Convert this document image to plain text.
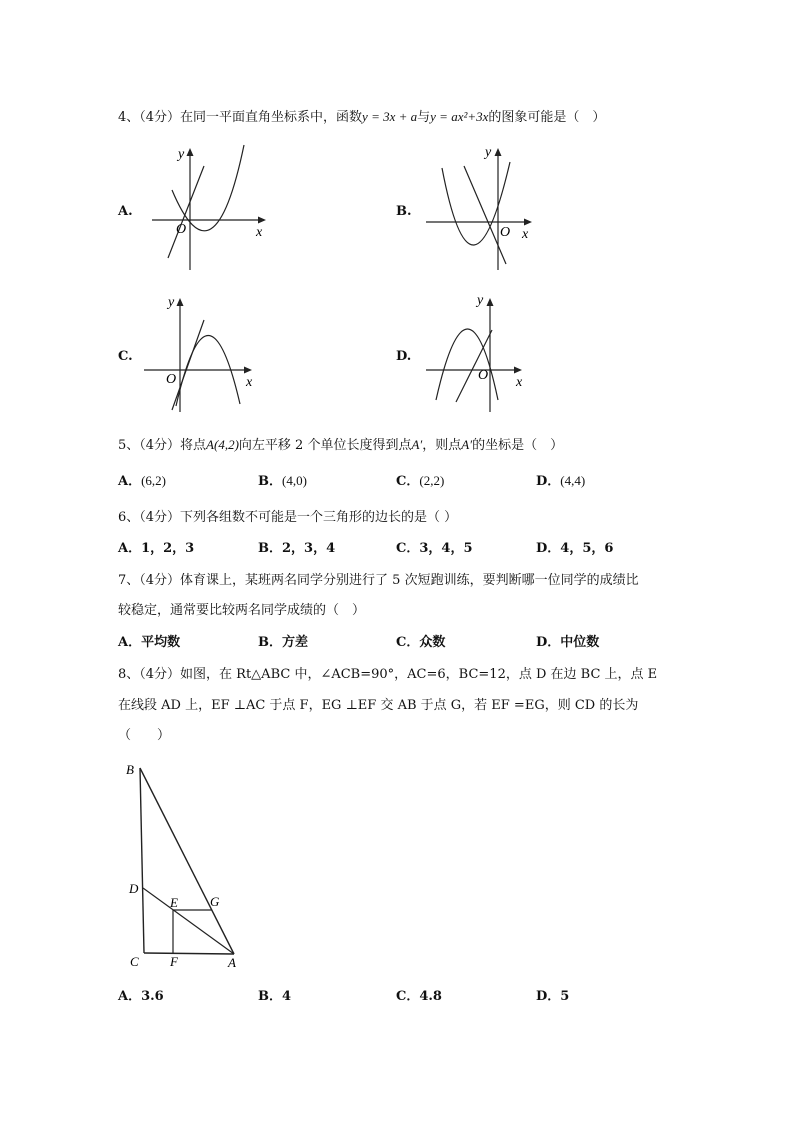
4、（4分）在同一平面直角坐标系中，函数y = 3x + a与y = ax²+3x的图象可能是（　）
A.	B.
C.	D.
x
y
O	x
y
O
x
y
O	x
y
O
5、（4分）将点A(4,2)向左平移 2 个单位长度得到点A′，则点A′的坐标是（　）
A．(6,2)	B．(4,0)	C．(2,2)	D．(4,4)
6、（4分）下列各组数不可能是一个三角形的边长的是（ ）
A．1，2，3	B．2，3，4	C．3，4，5	D．4，5，6
7、（4分）体育课上，某班两名同学分别进行了 5 次短跑训练，要判断哪一位同学的成绩比
较稳定，通常要比较两名同学成绩的（　）
A．平均数	B．方差	C．众数	D．中位数
8、（4分）如图，在 Rt△ABC 中，∠ACB=90°，AC=6，BC=12，点 D 在边 BC 上，点 E
在线段 AD 上，EF ⊥AC 于点 F，EG ⊥EF 交 AB 于点 G，若 EF =EG，则 CD 的长为
（　　）
B
D
E G
C F	A
A．3.6	B．4	C．4.8	D．5
